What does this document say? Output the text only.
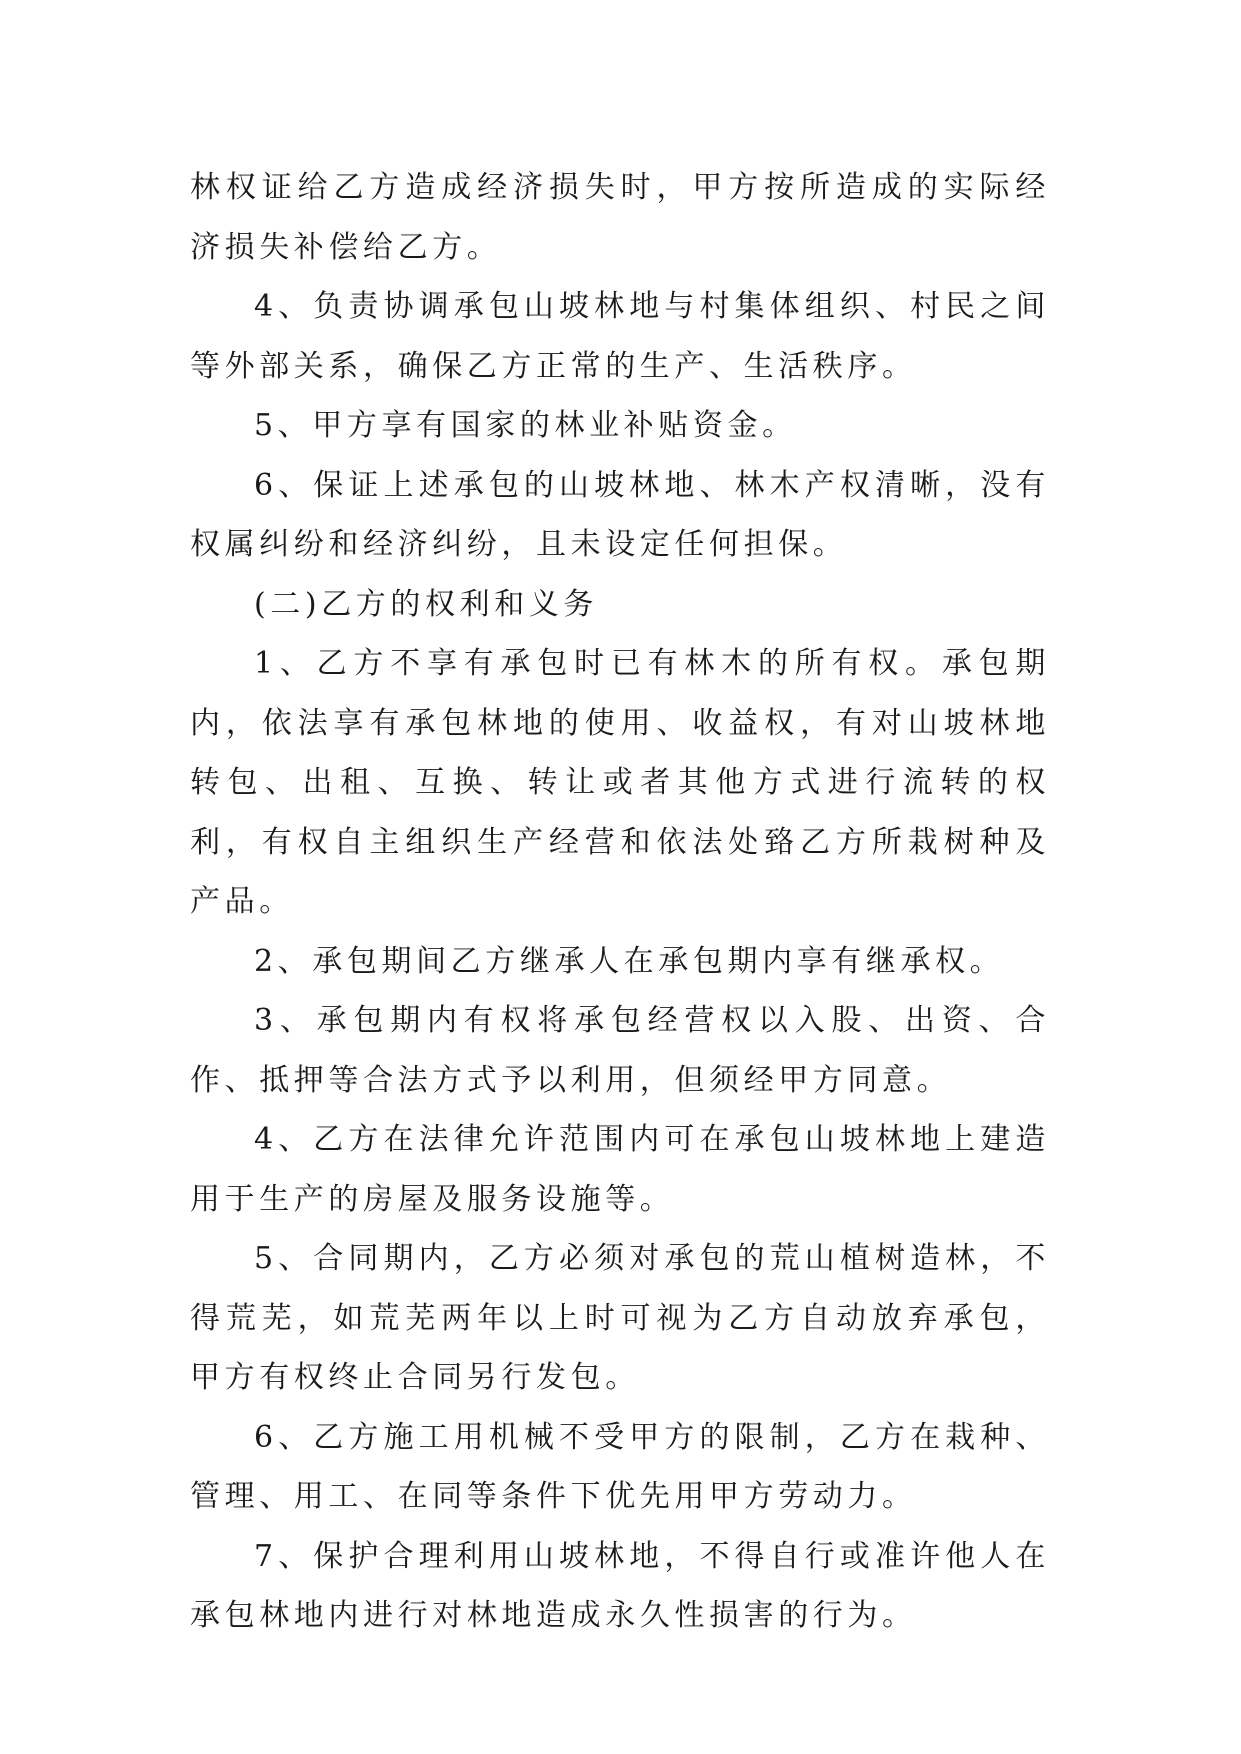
林权证给乙方造成经济损失时，甲方按所造成的实际经济损失补偿给乙方。

4、负责协调承包山坡林地与村集体组织、村民之间等外部关系，确保乙方正常的生产、生活秩序。

5、甲方享有国家的林业补贴资金。

6、保证上述承包的山坡林地、林木产权清晰，没有权属纠纷和经济纠纷，且未设定任何担保。

(二)乙方的权利和义务

1、乙方不享有承包时已有林木的所有权。承包期内，依法享有承包林地的使用、收益权，有对山坡林地转包、出租、互换、转让或者其他方式进行流转的权利，有权自主组织生产经营和依法处臵乙方所栽树种及产品。

2、承包期间乙方继承人在承包期内享有继承权。

3、承包期内有权将承包经营权以入股、出资、合作、抵押等合法方式予以利用，但须经甲方同意。

4、乙方在法律允许范围内可在承包山坡林地上建造用于生产的房屋及服务设施等。

5、合同期内，乙方必须对承包的荒山植树造林，不得荒芜，如荒芜两年以上时可视为乙方自动放弃承包，甲方有权终止合同另行发包。

6、乙方施工用机械不受甲方的限制，乙方在栽种、管理、用工、在同等条件下优先用甲方劳动力。

7、保护合理利用山坡林地，不得自行或准许他人在承包林地内进行对林地造成永久性损害的行为。
